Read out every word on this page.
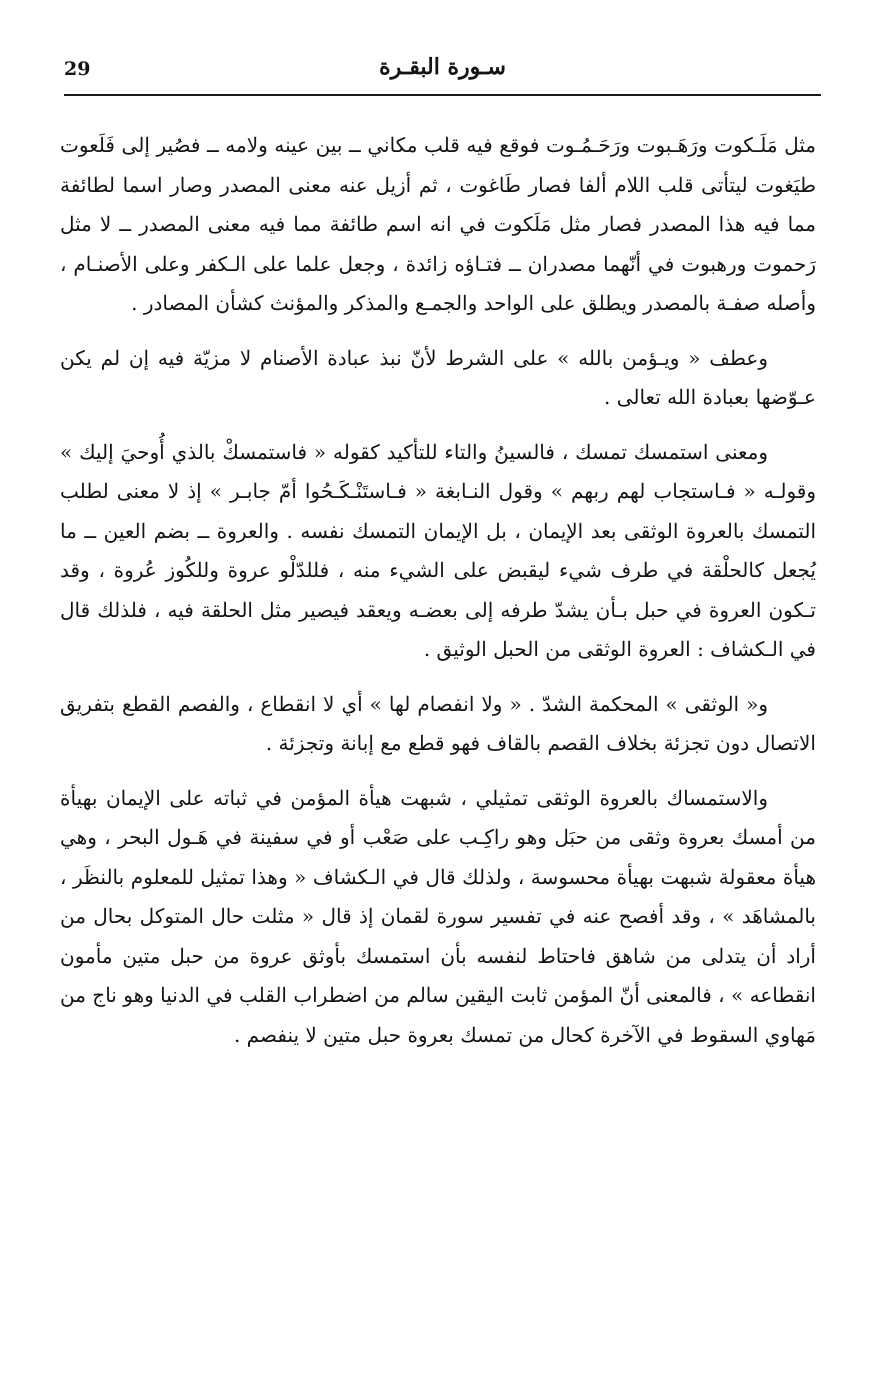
29	سـورة البقـرة

مثل مَلَـكوت ورَهَـبوت ورَحَـمُـوت فوقع فيه قلب مكاني ــ بين عينه ولامه ــ فصُير إلى فَلَعوت طيَغوت ليتأتى قلب اللام ألفا فصار طَاغوت ، ثم أزيل عنه معنى المصدر وصار اسما لطائفة مما فيه هذا المصدر فصار مثل مَلَكوت في انه اسم طائفة مما فيه معنى المصدر ــ لا مثل رَحموت ورهبوت في أنّهما مصدران ــ فتـاؤه زائدة ، وجعل علما على الـكفر وعلى الأصنـام ، وأصله صفـة بالمصدر ويطلق على الواحد والجمـع والمذكر والمؤنث كشأن المصادر .

وعطف « ويـؤمن بالله » على الشرط لأنّ نبذ عبادة الأصنام لا مزيّة فيه إن لم يكن عـوّضها بعبادة الله تعالى .

ومعنى استمسك تمسك ، فالسينُ والتاء للتأكيد كقوله « فاستمسكْ بالذي أُوحيَ إليك » وقولـه « فـاستجاب لهم ربهم » وقول النـابغة « فـاستَنْـكَـحُوا أمّ جابـر » إذ لا معنى لطلب التمسك بالعروة الوثقى بعد الإيمان ، بل الإيمان التمسك نفسه . والعروة ــ بضم العين ــ ما يُجعل كالحلْقة في طرف شيء ليقبض على الشيء منه ، فللدّلْو عروة وللكُوز عُروة ، وقد تـكون العروة في حبل بـأن يشدّ طرفه إلى بعضـه ويعقد فيصير مثل الحلقة فيه ، فلذلك قال في الـكشاف : العروة الوثقى من الحبل الوثيق .

و« الوثقى » المحكمة الشدّ . « ولا انفصام لها » أي لا انقطاع ، والفصم القطع بتفريق الاتصال دون تجزئة بخلاف القصم بالقاف فهو قطع مع إبانة وتجزئة .

والاستمساك بالعروة الوثقى تمثيلي ، شبهت هيأة المؤمن في ثباته على الإيمان بهيأة من أمسك بعروة وثقى من حبَل وهو راكِـب على صَعْب أو في سفينة في هَـول البحر ، وهي هيأة معقولة شبهت بهيأة محسوسة ، ولذلك قال في الـكشاف « وهذا تمثيل للمعلوم بالنظَر ، بالمشاهَد » ، وقد أفصح عنه في تفسير سورة لقمان إذ قال « مثلت حال المتوكل بحال من أراد أن يتدلى من شاهق فاحتاط لنفسه بأن استمسك بأوثق عروة من حبل متين مأمون انقطاعه » ، فالمعنى أنّ المؤمن ثابت اليقين سالم من اضطراب القلب في الدنيا وهو ناج من مَهاوي السقوط في الآخرة كحال من تمسك بعروة حبل متين لا ينفصم .
